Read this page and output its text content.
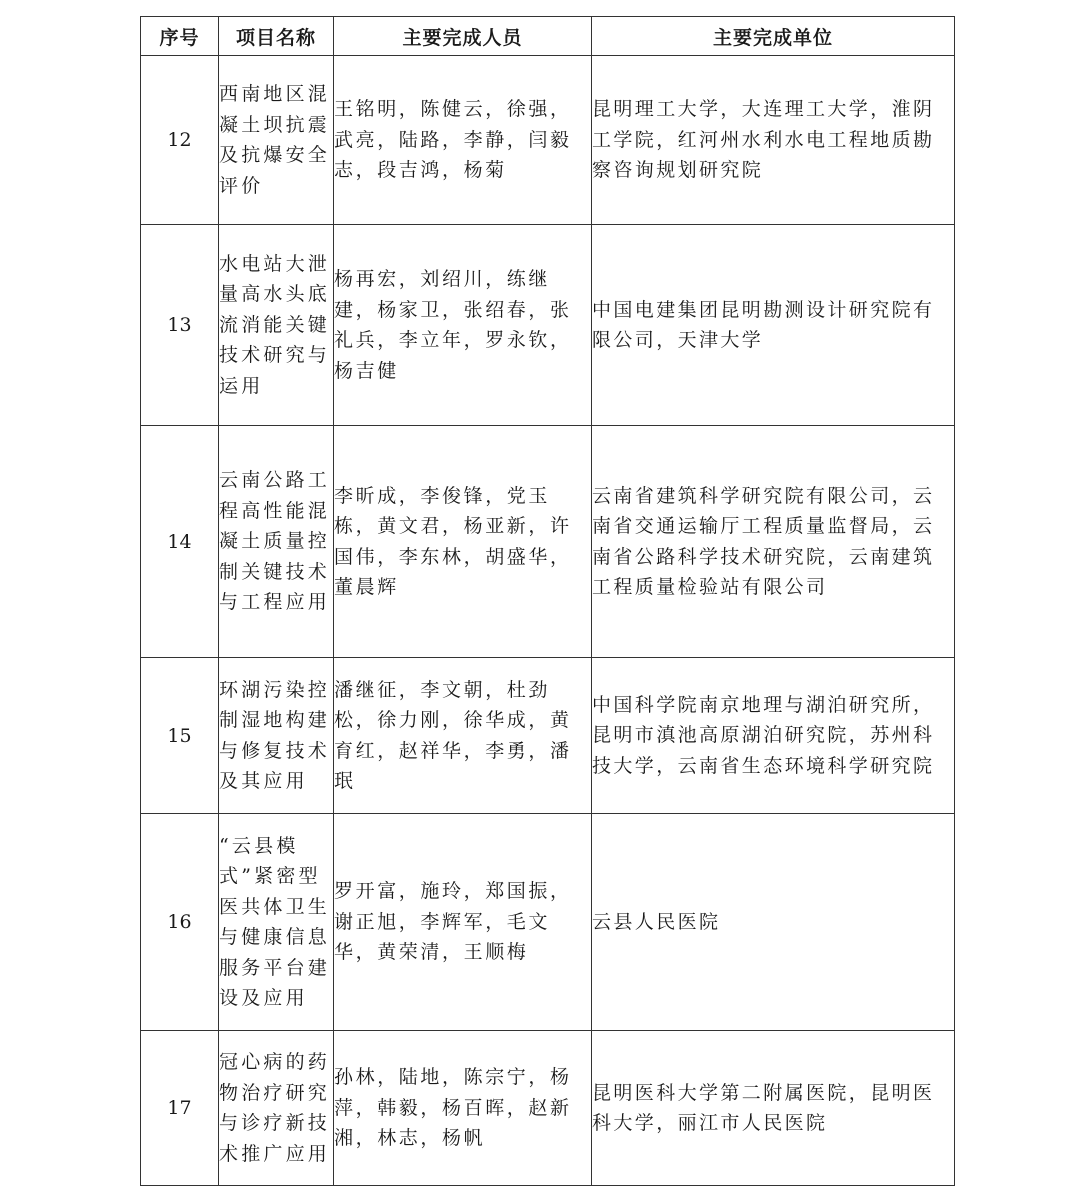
序号	项目名称	主要完成人员	主要完成单位
12	西南地区混凝土坝抗震及抗爆安全评价	王铭明，陈健云，徐强，武亮，陆路，李静，闫毅志，段吉鸿，杨菊	昆明理工大学，大连理工大学，淮阴工学院，红河州水利水电工程地质勘察咨询规划研究院
13	水电站大泄量高水头底流消能关键技术研究与运用	杨再宏，刘绍川，练继建，杨家卫，张绍春，张礼兵，李立年，罗永钦，杨吉健	中国电建集团昆明勘测设计研究院有限公司，天津大学
14	云南公路工程高性能混凝土质量控制关键技术与工程应用	李昕成，李俊锋，党玉栋，黄文君，杨亚新，许国伟，李东林，胡盛华，董晨辉	云南省建筑科学研究院有限公司，云南省交通运输厅工程质量监督局，云南省公路科学技术研究院，云南建筑工程质量检验站有限公司
15	环湖污染控制湿地构建与修复技术及其应用	潘继征，李文朝，杜劲松，徐力刚，徐华成，黄育红，赵祥华，李勇，潘珉	中国科学院南京地理与湖泊研究所，昆明市滇池高原湖泊研究院，苏州科技大学，云南省生态环境科学研究院
16	“云县模式”紧密型医共体卫生与健康信息服务平台建设及应用	罗开富，施玲，郑国振，谢正旭，李辉军，毛文华，黄荣清，王顺梅	云县人民医院
17	冠心病的药物治疗研究与诊疗新技术推广应用	孙林，陆地，陈宗宁，杨萍，韩毅，杨百晖，赵新湘，林志，杨帆	昆明医科大学第二附属医院，昆明医科大学，丽江市人民医院
